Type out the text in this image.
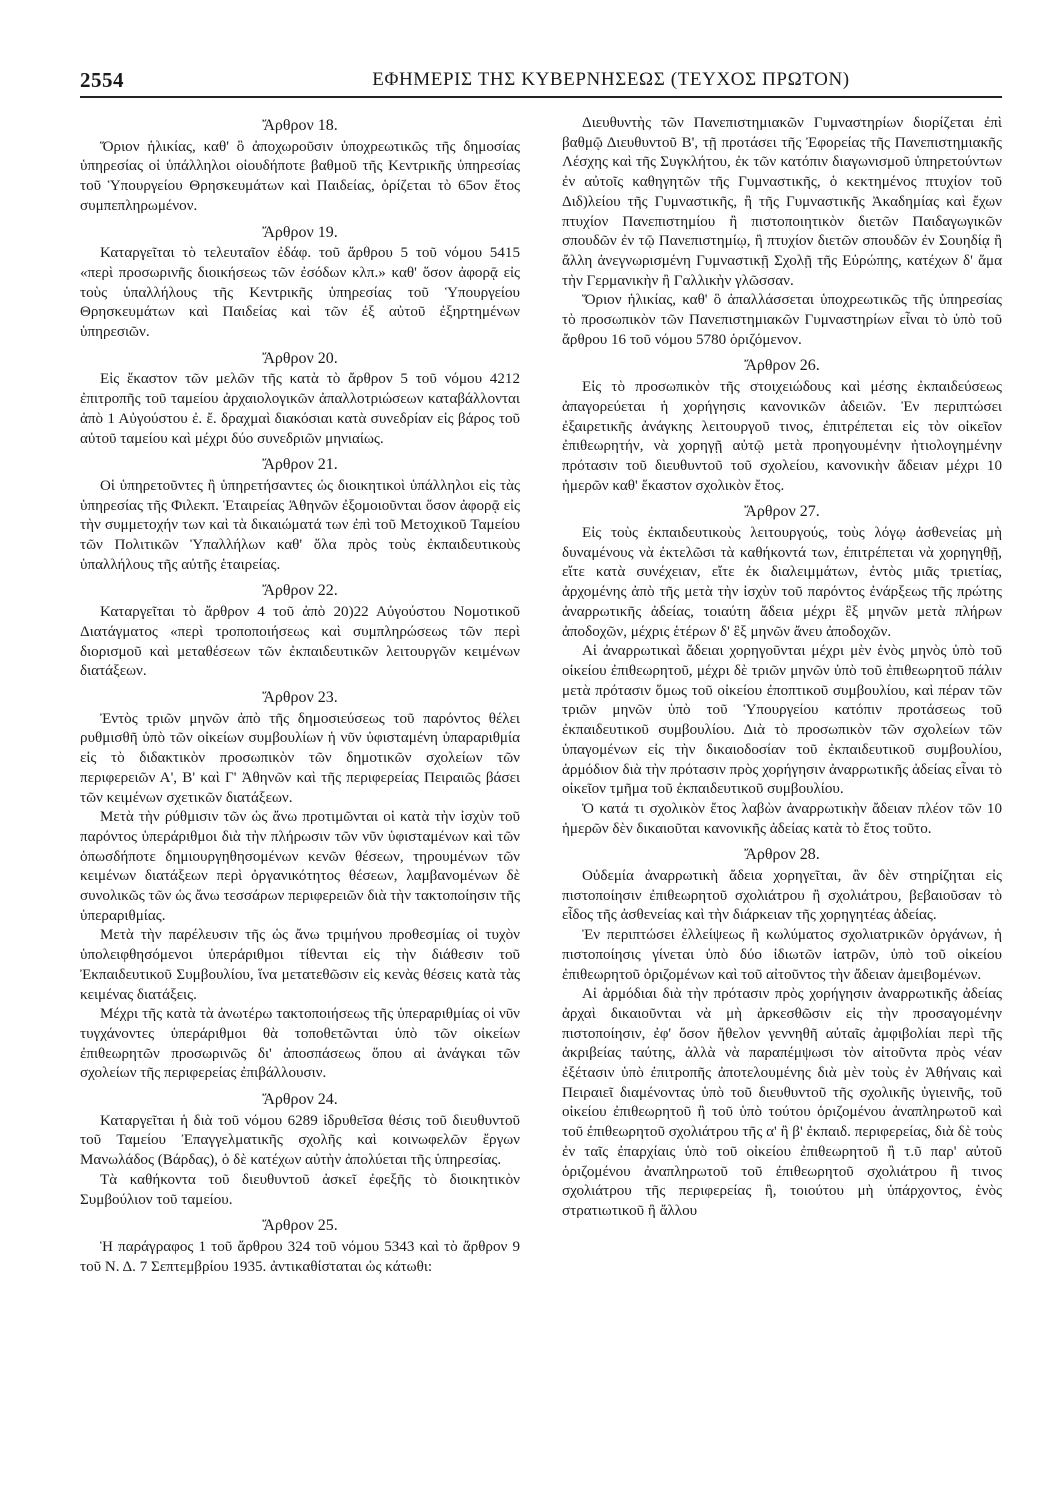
2554	ΕΦΗΜΕΡΙΣ ΤΗΣ ΚΥΒΕΡΝΗΣΕΩΣ (ΤΕΥΧΟΣ ΠΡΩΤΟΝ)
Ἄρθρον 18.

Ὅριον ἡλικίας, καθ' ὃ ἀποχωροῦσιν ὑποχρεωτικῶς τῆς δημοσίας ὑπηρεσίας οἱ ὑπάλληλοι οἱουδήποτε βαθμοῦ τῆς Κεντρικῆς ὑπηρεσίας τοῦ Ὑπουργείου Θρησκευμάτων καὶ Παιδείας, ὁρίζεται τὸ 65ον ἔτος συμπεπληρωμένον.

Ἄρθρον 19.

Καταργεῖται τὸ τελευταῖον ἐδάφ. τοῦ ἄρθρου 5 τοῦ νόμου 5415 «περὶ προσωρινῆς διοικήσεως τῶν ἐσόδων κλπ.» καθ' ὅσον ἀφορᾷ εἰς τοὺς ὑπαλλήλους τῆς Κεντρικῆς ὑπηρεσίας τοῦ Ὑπουργείου Θρησκευμάτων καὶ Παιδείας καὶ τῶν ἐξ αὐτοῦ ἐξηρτημένων ὑπηρεσιῶν.

Ἄρθρον 20.

Εἰς ἕκαστον τῶν μελῶν τῆς κατὰ τὸ ἄρθρον 5 τοῦ νόμου 4212 ἐπιτροπῆς τοῦ ταμείου ἀρχαιολογικῶν ἀπαλλοτριώσεων καταβάλλονται ἀπὸ 1 Αὐγούστου ἐ. ἔ. δραχμαὶ διακόσιαι κατὰ συνεδρίαν εἰς βάρος τοῦ αὐτοῦ ταμείου καὶ μέχρι δύο συνεδριῶν μηνιαίως.

Ἄρθρον 21.

Οἱ ὑπηρετοῦντες ἢ ὑπηρετήσαντες ὡς διοικητικοὶ ὑπάλληλοι εἰς τὰς ὑπηρεσίας τῆς Φιλεκπ. Ἑταιρείας Ἀθηνῶν ἐξομοιοῦνται ὅσον ἀφορᾷ εἰς τὴν συμμετοχήν των καὶ τὰ δικαιώματά των ἐπὶ τοῦ Μετοχικοῦ Ταμείου τῶν Πολιτικῶν Ὑπαλλήλων καθ' ὅλα πρὸς τοὺς ἐκπαιδευτικοὺς ὑπαλλήλους τῆς αὐτῆς ἑταιρείας.

Ἄρθρον 22.

Καταργεῖται τὸ ἄρθρον 4 τοῦ ἀπὸ 20)22 Αὐγούστου Νομοτικοῦ Διατάγματος «περὶ τροποποιήσεως καὶ συμπληρώσεως τῶν περὶ διορισμοῦ καὶ μεταθέσεων τῶν ἐκπαιδευτικῶν λειτουργῶν κειμένων διατάξεων.

Ἄρθρον 23.

Ἐντὸς τριῶν μηνῶν ἀπὸ τῆς δημοσιεύσεως τοῦ παρόντος θέλει ρυθμισθῆ ὑπὸ τῶν οἰκείων συμβουλίων ἡ νῦν ὑφισταμένη ὑπαραριθμία εἰς τὸ διδακτικὸν προσωπικὸν τῶν δημοτικῶν σχολείων τῶν περιφερειῶν Α', Β' καὶ Γ' Ἀθηνῶν καὶ τῆς περιφερείας Πειραιῶς βάσει τῶν κειμένων σχετικῶν διατάξεων.

Μετὰ τὴν ρύθμισιν τῶν ὡς ἄνω προτιμῶνται οἱ κατὰ τὴν ἰσχὺν τοῦ παρόντος ὑπεράριθμοι διὰ τὴν πλήρωσιν τῶν νῦν ὑφισταμένων καὶ τῶν ὁπωσδήποτε δημιουργηθησομένων κενῶν θέσεων, τηρουμένων τῶν κειμένων διατάξεων περὶ ὀργανικότητος θέσεων, λαμβανομένων δὲ συνολικῶς τῶν ὡς ἄνω τεσσάρων περιφερειῶν διὰ τὴν τακτοποίησιν τῆς ὑπεραριθμίας.

Μετὰ τὴν παρέλευσιν τῆς ὡς ἄνω τριμήνου προθεσμίας οἱ τυχὸν ὑπολειφθησόμενοι ὑπεράριθμοι τίθενται εἰς τὴν διάθεσιν τοῦ Ἐκπαιδευτικοῦ Συμβουλίου, ἵνα μετατεθῶσιν εἰς κενὰς θέσεις κατὰ τὰς κειμένας διατάξεις.

Μέχρι τῆς κατὰ τὰ ἀνωτέρω τακτοποιήσεως τῆς ὑπεραριθμίας οἱ νῦν τυγχάνοντες ὑπεράριθμοι θὰ τοποθετῶνται ὑπὸ τῶν οἰκείων ἐπιθεωρητῶν προσωρινῶς δι' ἀποσπάσεως ὅπου αἱ ἀνάγκαι τῶν σχολείων τῆς περιφερείας ἐπιβάλλουσιν.

Ἄρθρον 24.

Καταργεῖται ἡ διὰ τοῦ νόμου 6289 ἱδρυθεῖσα θέσις τοῦ διευθυντοῦ τοῦ Ταμείου Ἐπαγγελματικῆς σχολῆς καὶ κοινωφελῶν ἔργων Μανωλάδος (Βάρδας), ὁ δὲ κατέχων αὐτὴν ἀπολύεται τῆς ὑπηρεσίας.

Τὰ καθήκοντα τοῦ διευθυντοῦ ἀσκεῖ ἐφεξῆς τὸ διοικητικὸν Συμβούλιον τοῦ ταμείου.

Ἄρθρον 25.

Ἡ παράγραφος 1 τοῦ ἄρθρου 324 τοῦ νόμου 5343 καὶ τὸ ἄρθρον 9 τοῦ Ν. Δ. 7 Σεπτεμβρίου 1935. ἀντικαθίσταται ὡς κάτωθι:

Διευθυντὴς τῶν Πανεπιστημιακῶν Γυμναστηρίων διορίζεται ἐπὶ βαθμῷ Διευθυντοῦ Β', τῇ προτάσει τῆς Ἐφορείας τῆς Πανεπιστημιακῆς Λέσχης καὶ τῆς Συγκλήτου, ἐκ τῶν κατόπιν διαγωνισμοῦ ὑπηρετούντων ἐν αὐτοῖς καθηγητῶν τῆς Γυμναστικῆς, ὁ κεκτημένος πτυχίον τοῦ Διδ)λείου τῆς Γυμναστικῆς, ἢ τῆς Γυμναστικῆς Ἀκαδημίας καὶ ἔχων πτυχίον Πανεπιστημίου ἢ πιστοποιητικὸν διετῶν Παιδαγωγικῶν σπουδῶν ἐν τῷ Πανεπιστημίῳ, ἢ πτυχίον διετῶν σπουδῶν ἐν Σουηδίᾳ ἢ ἄλλη ἀνεγνωρισμένη Γυμναστικῇ Σχολῇ τῆς Εὐρώπης, κατέχων δ' ἅμα τὴν Γερμανικὴν ἢ Γαλλικὴν γλῶσσαν.

Ὅριον ἡλικίας, καθ' ὃ ἀπαλλάσσεται ὑποχρεωτικῶς τῆς ὑπηρεσίας τὸ προσωπικὸν τῶν Πανεπιστημιακῶν Γυμναστηρίων εἶναι τὸ ὑπὸ τοῦ ἄρθρου 16 τοῦ νόμου 5780 ὁριζόμενον.

Ἄρθρον 26.

Εἰς τὸ προσωπικὸν τῆς στοιχειώδους καὶ μέσης ἐκπαιδεύσεως ἀπαγορεύεται ἡ χορήγησις κανονικῶν ἀδειῶν. Ἐν περιπτώσει ἐξαιρετικῆς ἀνάγκης λειτουργοῦ τινος, ἐπιτρέπεται εἰς τὸν οἰκεῖον ἐπιθεωρητήν, νὰ χορηγῇ αὐτῷ μετὰ προηγουμένην ἠτιολογημένην πρότασιν τοῦ διευθυντοῦ τοῦ σχολείου, κανονικὴν ἄδειαν μέχρι 10 ἡμερῶν καθ' ἕκαστον σχολικὸν ἔτος.

Ἄρθρον 27.

Εἰς τοὺς ἐκπαιδευτικοὺς λειτουργούς, τοὺς λόγῳ ἀσθενείας μὴ δυναμένους νὰ ἐκτελῶσι τὰ καθήκοντά των, ἐπιτρέπεται νὰ χορηγηθῇ, εἴτε κατὰ συνέχειαν, εἴτε ἐκ διαλειμμάτων, ἐντὸς μιᾶς τριετίας, ἀρχομένης ἀπὸ τῆς μετὰ τὴν ἰσχὺν τοῦ παρόντος ἐνάρξεως τῆς πρώτης ἀναρρωτικῆς ἀδείας, τοιαύτη ἄδεια μέχρι ἓξ μηνῶν μετὰ πλήρων ἀποδοχῶν, μέχρις ἑτέρων δ' ἓξ μηνῶν ἄνευ ἀποδοχῶν.

Αἱ ἀναρρωτικαὶ ἄδειαι χορηγοῦνται μέχρι μὲν ἑνὸς μηνὸς ὑπὸ τοῦ οἰκείου ἐπιθεωρητοῦ, μέχρι δὲ τριῶν μηνῶν ὑπὸ τοῦ ἐπιθεωρητοῦ πάλιν μετὰ πρότασιν ὅμως τοῦ οἰκείου ἐποπτικοῦ συμβουλίου, καὶ πέραν τῶν τριῶν μηνῶν ὑπὸ τοῦ Ὑπουργείου κατόπιν προτάσεως τοῦ ἐκπαιδευτικοῦ συμβουλίου. Διὰ τὸ προσωπικὸν τῶν σχολείων τῶν ὑπαγομένων εἰς τὴν δικαιοδοσίαν τοῦ ἐκπαιδευτικοῦ συμβουλίου, ἁρμόδιον διὰ τὴν πρότασιν πρὸς χορήγησιν ἀναρρωτικῆς ἀδείας εἶναι τὸ οἰκεῖον τμῆμα τοῦ ἐκπαιδευτικοῦ συμβουλίου.

Ὁ κατά τι σχολικὸν ἔτος λαβὼν ἀναρρωτικὴν ἄδειαν πλέον τῶν 10 ἡμερῶν δὲν δικαιοῦται κανονικῆς ἀδείας κατὰ τὸ ἔτος τοῦτο.

Ἄρθρον 28.

Οὐδεμία ἀναρρωτικὴ ἄδεια χορηγεῖται, ἂν δὲν στηρίζηται εἰς πιστοποίησιν ἐπιθεωρητοῦ σχολιάτρου ἢ σχολιάτρου, βεβαιοῦσαν τὸ εἶδος τῆς ἀσθενείας καὶ τὴν διάρκειαν τῆς χορηγητέας ἀδείας.

Ἐν περιπτώσει ἐλλείψεως ἢ κωλύματος σχολιατρικῶν ὀργάνων, ἡ πιστοποίησις γίνεται ὑπὸ δύο ἰδιωτῶν ἰατρῶν, ὑπὸ τοῦ οἰκείου ἐπιθεωρητοῦ ὁριζομένων καὶ τοῦ αἰτοῦντος τὴν ἄδειαν ἀμειβομένων.

Αἱ ἁρμόδιαι διὰ τὴν πρότασιν πρὸς χορήγησιν ἀναρρωτικῆς ἀδείας ἀρχαὶ δικαιοῦνται νὰ μὴ ἀρκεσθῶσιν εἰς τὴν προσαγομένην πιστοποίησιν, ἐφ' ὅσον ἤθελον γεννηθῆ αὐταῖς ἀμφιβολίαι περὶ τῆς ἀκριβείας ταύτης, ἀλλὰ νὰ παραπέμψωσι τὸν αἰτοῦντα πρὸς νέαν ἐξέτασιν ὑπὸ ἐπιτροπῆς ἀποτελουμένης διὰ μὲν τοὺς ἐν Ἀθήναις καὶ Πειραιεῖ διαμένοντας ὑπὸ τοῦ διευθυντοῦ τῆς σχολικῆς ὑγιεινῆς, τοῦ οἰκείου ἐπιθεωρητοῦ ἢ τοῦ ὑπὸ τούτου ὁριζομένου ἀναπληρωτοῦ καὶ τοῦ ἐπιθεωρητοῦ σχολιάτρου τῆς α' ἢ β' ἐκπαιδ. περιφερείας, διὰ δὲ τοὺς ἐν ταῖς ἐπαρχίαις ὑπὸ τοῦ οἰκείου ἐπιθεωρητοῦ ἢ τ.ῦ παρ' αὐτοῦ ὁριζομένου ἀναπληρωτοῦ τοῦ ἐπιθεωρητοῦ σχολιάτρου ἢ τινος σχολιάτρου τῆς περιφερείας ἢ, τοιούτου μὴ ὑπάρχοντος, ἑνὸς στρατιωτικοῦ ἢ ἄλλου
